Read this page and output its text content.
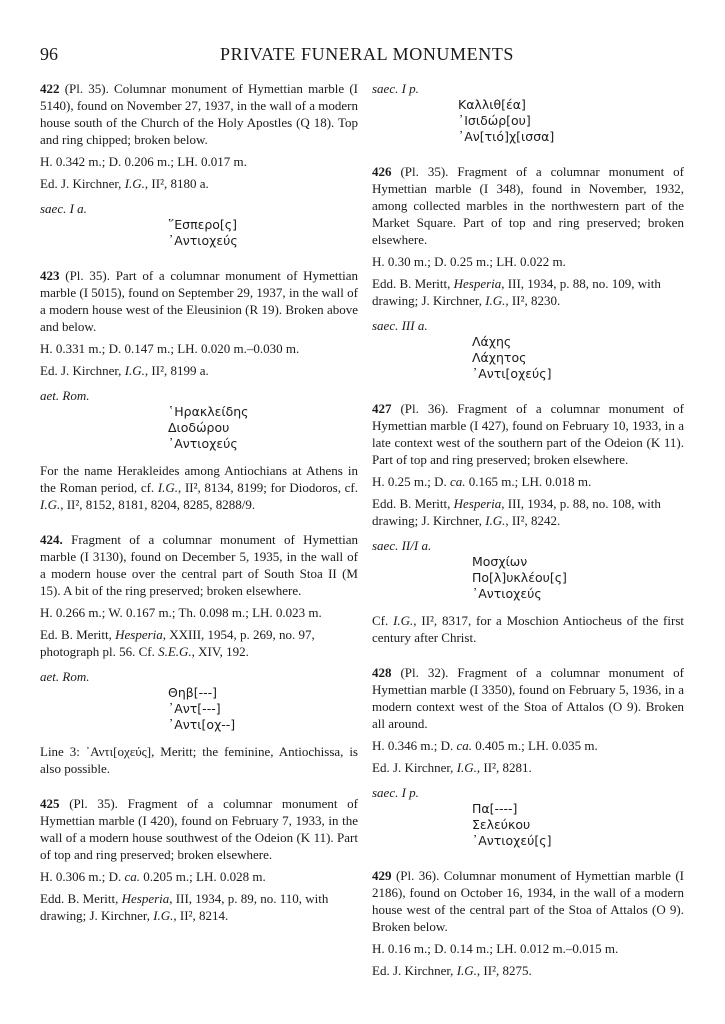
96	PRIVATE FUNERAL MONUMENTS
422 (Pl. 35). Columnar monument of Hymettian marble (I 5140), found on November 27, 1937, in the wall of a modern house south of the Church of the Holy Apostles (Q 18). Top and ring chipped; broken below.
H. 0.342 m.; D. 0.206 m.; LH. 0.017 m.
Ed. J. Kirchner, I.G., II², 8180 a.
saec. I a.
῞Εσπερο[ς]
᾿Αντιοχεύς
423 (Pl. 35). Part of a columnar monument of Hymettian marble (I 5015), found on September 29, 1937, in the wall of a modern house west of the Eleusinion (R 19). Broken above and below.
H. 0.331 m.; D. 0.147 m.; LH. 0.020 m.–0.030 m.
Ed. J. Kirchner, I.G., II², 8199 a.
aet. Rom.
῾Ηρακλείδης
Διοδώρου
᾿Αντιοχεύς
For the name Herakleides among Antiochians at Athens in the Roman period, cf. I.G., II², 8134, 8199; for Diodoros, cf. I.G., II², 8152, 8181, 8204, 8285, 8288/9.
424. Fragment of a columnar monument of Hymettian marble (I 3130), found on December 5, 1935, in the wall of a modern house over the central part of South Stoa II (M 15). A bit of the ring preserved; broken elsewhere.
H. 0.266 m.; W. 0.167 m.; Th. 0.098 m.; LH. 0.023 m.
Ed. B. Meritt, Hesperia, XXIII, 1954, p. 269, no. 97, photograph pl. 56. Cf. S.E.G., XIV, 192.
aet. Rom.
Θηβ[---]
᾿Αντ[---]
᾿Αντι[οχ--]
Line 3: ᾿Αντι[οχεύς], Meritt; the feminine, Antiochissa, is also possible.
425 (Pl. 35). Fragment of a columnar monument of Hymettian marble (I 420), found on February 7, 1933, in the wall of a modern house southwest of the Odeion (K 11). Part of top and ring preserved; broken elsewhere.
H. 0.306 m.; D. ca. 0.205 m.; LH. 0.028 m.
Edd. B. Meritt, Hesperia, III, 1934, p. 89, no. 110, with drawing; J. Kirchner, I.G., II², 8214.
saec. I p.
Καλλιθ[έα]
᾿Ισιδώρ[ου]
᾿Αν[τιό]χ[ισσα]
426 (Pl. 35). Fragment of a columnar monument of Hymettian marble (I 348), found in November, 1932, among collected marbles in the northwestern part of the Market Square. Part of top and ring preserved; broken elsewhere.
H. 0.30 m.; D. 0.25 m.; LH. 0.022 m.
Edd. B. Meritt, Hesperia, III, 1934, p. 88, no. 109, with drawing; J. Kirchner, I.G., II², 8230.
saec. III a.
Λάχης
Λάχητος
᾿Αντι[οχεύς]
427 (Pl. 36). Fragment of a columnar monument of Hymettian marble (I 427), found on February 10, 1933, in a late context west of the southern part of the Odeion (K 11). Part of top and ring preserved; broken elsewhere.
H. 0.25 m.; D. ca. 0.165 m.; LH. 0.018 m.
Edd. B. Meritt, Hesperia, III, 1934, p. 88, no. 108, with drawing; J. Kirchner, I.G., II², 8242.
saec. II/I a.
Μοσχίων
Πο[λ]υκλέου[ς]
᾿Αντιοχεύς
Cf. I.G., II², 8317, for a Moschion Antiocheus of the first century after Christ.
428 (Pl. 32). Fragment of a columnar monument of Hymettian marble (I 3350), found on February 5, 1936, in a modern context west of the Stoa of Attalos (O 9). Broken all around.
H. 0.346 m.; D. ca. 0.405 m.; LH. 0.035 m.
Ed. J. Kirchner, I.G., II², 8281.
saec. I p.
Πα[----]
Σελεύκου
᾿Αντιοχεύ[ς]
429 (Pl. 36). Columnar monument of Hymettian marble (I 2186), found on October 16, 1934, in the wall of a modern house west of the central part of the Stoa of Attalos (O 9). Broken below.
H. 0.16 m.; D. 0.14 m.; LH. 0.012 m.–0.015 m.
Ed. J. Kirchner, I.G., II², 8275.
